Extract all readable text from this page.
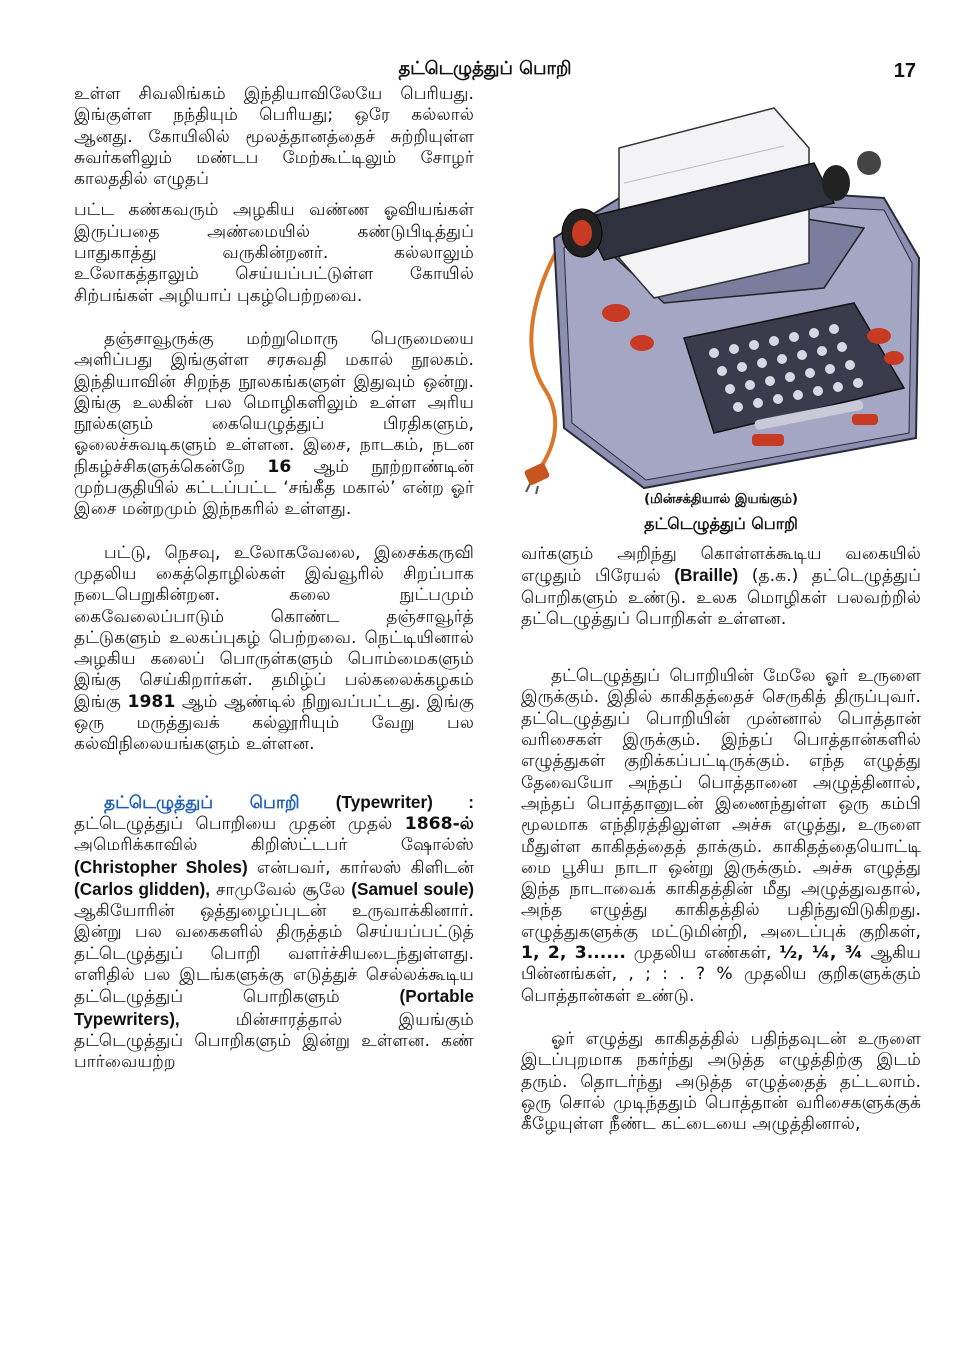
தட்டெழுத்துப் பொறி	17

உள்ள சிவலிங்கம் இந்தியாவிலேயே பெரியது. இங்குள்ள நந்தியும் பெரியது; ஒரே கல்லால் ஆனது. கோயிலில் மூலத்தானத்தைச் சுற்றியுள்ள சுவர்களிலும் மண்டப மேற்கூட்டிலும் சோழர் காலததில் எழுதப்

பட்ட கண்கவரும் அழகிய வண்ண ஓவியங்கள் இருப்பதை அண்மையில் கண்டுபிடித்துப் பாதுகாத்து வருகின்றனர். கல்லாலும் உலோகத்தாலும் செய்யப்பட்டுள்ள கோயில் சிற்பங்கள் அழியாப் புகழ்பெற்றவை.

தஞ்சாவூருக்கு மற்றுமொரு பெருமையை அளிப்பது இங்குள்ள சரசுவதி மகால் நூலகம். இந்தியாவின் சிறந்த நூலகங்களுள் இதுவும் ஒன்று. இங்கு உலகின் பல மொழிகளிலும் உள்ள அரிய நூல்களும் கையெழுத்துப் பிரதிகளும், ஓலைச்சுவடிகளும் உள்ளன. இசை, நாடகம், நடன நிகழ்ச்சிகளுக்கென்றே 16 ஆம் நூற்றாண்டின் முற்பகுதியில் கட்டப்பட்ட ‘சங்கீத மகால்’ என்ற ஓர் இசை மன்றமும் இந்நகரில் உள்ளது.

பட்டு, நெசவு, உலோகவேலை, இசைக்கருவி முதலிய கைத்தொழில்கள் இவ்வூரில் சிறப்பாக நடைபெறுகின்றன. கலை நுட்பமும் கைவேலைப்பாடும் கொண்ட தஞ்சாவூர்த் தட்டுகளும் உலகப்புகழ் பெற்றவை. நெட்டியினால் அழகிய கலைப் பொருள்களும் பொம்மைகளும் இங்கு செய்கிறார்கள். தமிழ்ப் பல்கலைக்கழகம் இங்கு 1981 ஆம் ஆண்டில் நிறுவப்பட்டது. இங்கு ஒரு மருத்துவக் கல்லூரியும் வேறு பல கல்விநிலையங்களும் உள்ளன.

தட்டெழுத்துப் பொறி (Typewriter) : தட்டெழுத்துப் பொறியை முதன் முதல் 1868-ல் அமெரிக்காவில் கிறிஸ்ட்டபர் ஷோல்ஸ் (Christopher Sholes) என்பவர், கார்லஸ் கிளிடன் (Carlos glidden), சாமுவேல் சூலே (Samuel soule) ஆகியோரின் ஒத்துழைப்புடன் உருவாக்கினார். இன்று பல வகைகளில் திருத்தம் செய்யப்பட்டுத் தட்டெழுத்துப் பொறி வளர்ச்சியடைந்துள்ளது. எளிதில் பல இடங்களுக்கு எடுத்துச் செல்லக்கூடிய தட்டெழுத்துப் பொறிகளும்	(Portable Typewriters),	மின்சாரத்தால் இயங்கும் தட்டெழுத்துப் பொறிகளும் இன்று உள்ளன. கண் பார்வையற்ற

(மின்சக்தியால் இயங்கும்)
தட்டெழுத்துப் பொறி

வர்களும் அறிந்து கொள்ளக்கூடிய வகையில் எழுதும் பிரேயல் (Braille) (த.க.) தட்டெழுத்துப் பொறிகளும் உண்டு. உலக மொழிகள் பலவற்றில் தட்டெழுத்துப் பொறிகள் உள்ளன.

தட்டெழுத்துப் பொறியின் மேலே ஓர் உருளை இருக்கும். இதில் காகிதத்தைச் செருகித் திருப்புவர். தட்டெழுத்துப் பொறியின் முன்னால் பொத்தான் வரிசைகள் இருக்கும். இந்தப் பொத்தான்களில் எழுத்துகள் குறிக்கப்பட்டிருக்கும். எந்த எழுத்து தேவையோ அந்தப் பொத்தானை அழுத்தினால், அந்தப் பொத்தானுடன் இணைந்துள்ள ஒரு கம்பி மூலமாக எந்திரத்திலுள்ள அச்சு எழுத்து, உருளை மீதுள்ள காகிதத்தைத் தாக்கும். காகிதத்தையொட்டி மை பூசிய நாடா ஒன்று இருக்கும். அச்சு எழுத்து இந்த நாடாவைக் காகிதத்தின் மீது அழுத்துவதால், அந்த எழுத்து காகிதத்தில் பதிந்துவிடுகிறது. எழுத்துகளுக்கு மட்டுமின்றி, அடைப்புக் குறிகள், 1, 2, 3...... முதலிய எண்கள், ½, ¼, ¾ ஆகிய பின்னங்கள், , ; : . ? % முதலிய குறிகளுக்கும் பொத்தான்கள் உண்டு.

ஓர் எழுத்து காகிதத்தில் பதிந்தவுடன் உருளை இடப்புறமாக நகர்ந்து அடுத்த எழுத்திற்கு இடம் தரும். தொடர்ந்து அடுத்த எழுத்தைத் தட்டலாம். ஒரு சொல் முடிந்ததும் பொத்தான் வரிசைகளுக்குக் கீழேயுள்ள நீண்ட கட்டையை அழுத்தினால்,
